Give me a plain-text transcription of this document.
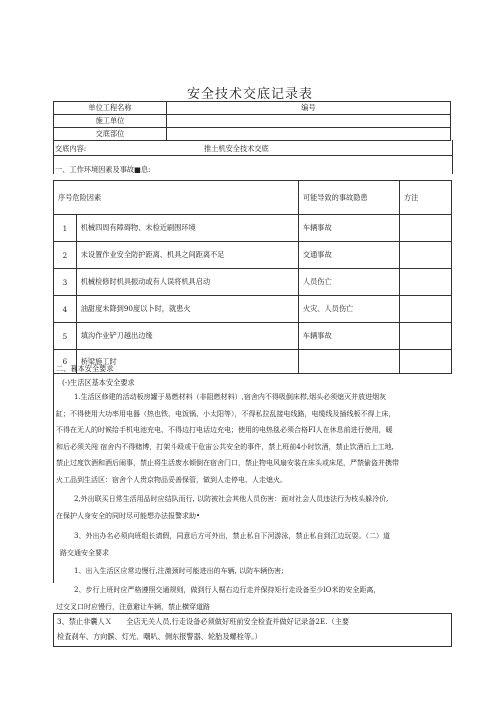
安全技术交底记录表
单位工程名称	编号
施工单位	
交底部位	
交底内容:	推土机安全技术交底
一、工作环境因素及事故■息:
序号危险因素		可能导致的事故隐患	方注
1	机械四周有障碍物、未检近刷围环境	车辆事故	
2	未设置作业安全防护距离、机具之间距离不足	交通事故	
3	机械检修时机具振动或有人误将机具启动	人员伤亡	
4	油甜度未降到90度以卜时，就患火	火灾、人员伤亡	
5	填沟作业铲刀越出边缘	车辆事故	
6	桥梁施工时		
二、暮本安全要求
(-)生活区基本安全要求
1.生活区修建的活动板房罐于易燃材料（非阻燃材料）,宿舍内不得吸倒床栉,烟头必须熄灭并放进烟灰
缸；不得使用大功率用电器（热也铁、电饭锅、小太阳等），不得私拉乱接电线路，电缆线及插线板不得上床，
不得在无人的时候给手机电池充电、不得边打电话边充电；使用的电热毯必须合格FI人在休息前进行使用，暖
和后必须关闯 宿舍内不得赌博，打架斗殴或干危宙公共安全的事件，禁上班前4小时饮酒，禁止饮酒后上工地,
禁止过度饮酒和酒后闹事，禁止将生活废水倾倒在宿舍门口，禁止物电风扇安装在床头或床尾，严禁偷盗并携带
火工品到生活区：宿舍个人贵京物品妥善保管，做到人走停电、人走熄火。
2,外出联买日常生活用品时应结队而行, 以防被社会其他人员伤害：面对社会人员违法行为枝头躲冷价,
在保护人身安全的同时尽可能想办法报警求助•
3、外出办名必须向班组长请假，同意后方可外出，禁止私自下河游泳，禁止私自到江边玩耍。（二）道
路交通安全要求
1、出入生活区应常边慢行,注激颈时可能进出的车辆, 以防车辆伤害;
2、步行上班时应严格遵照交通规则，做到行人椐右边行走并保持矩行走设备至少lO米的安全距离，
过交叉口时应慢行，注意避让车辆，禁止横穿道路
3、禁止非囊人Ｘ　　全店无关人员,行走设备必须做好班前安全检査并做好记录备2E.（主要
检査刹车、方向髌、灯光、嘲叭、侧东报警器、轮胎及螺栓等。）
